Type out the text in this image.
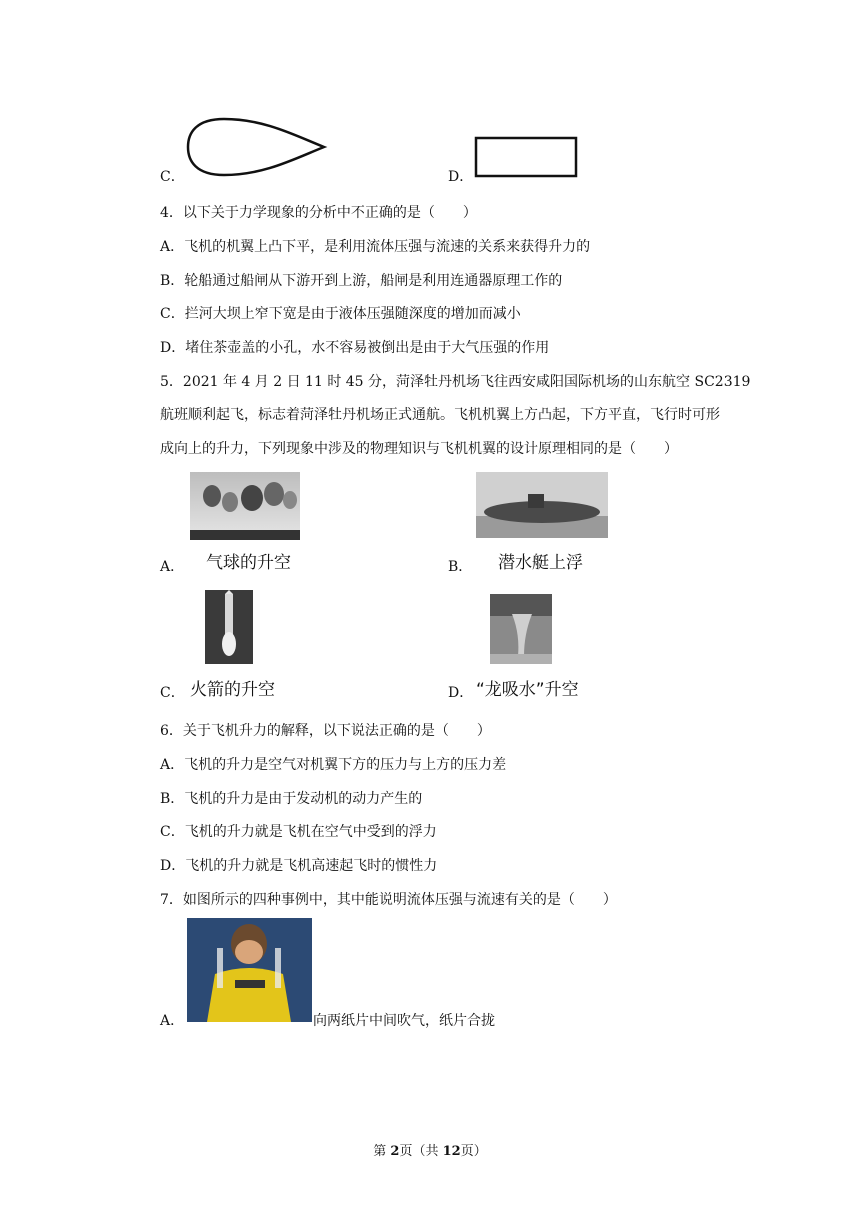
C．	D．
4．以下关于力学现象的分析中不正确的是（　　）
A．飞机的机翼上凸下平，是利用流体压强与流速的关系来获得升力的
B．轮船通过船闸从下游开到上游，船闸是利用连通器原理工作的
C．拦河大坝上窄下宽是由于液体压强随深度的增加而减小
D．堵住茶壶盖的小孔，水不容易被倒出是由于大气压强的作用
5．2021 年 4 月 2 日 11 时 45 分，菏泽牡丹机场飞往西安咸阳国际机场的山东航空 SC2319
航班顺利起飞，标志着菏泽牡丹机场正式通航。飞机机翼上方凸起，下方平直，飞行时可形
成向上的升力，下列现象中涉及的物理知识与飞机机翼的设计原理相同的是（　　）
A． 气球的升空	B． 潜水艇上浮
C． 火箭的升空	D． “龙吸水”升空
6．关于飞机升力的解释，以下说法正确的是（　　）
A．飞机的升力是空气对机翼下方的压力与上方的压力差
B．飞机的升力是由于发动机的动力产生的
C．飞机的升力就是飞机在空气中受到的浮力
D．飞机的升力就是飞机高速起飞时的惯性力
7．如图所示的四种事例中，其中能说明流体压强与流速有关的是（　　）
A．	向两纸片中间吹气，纸片合拢
第 2页（共 12页）
